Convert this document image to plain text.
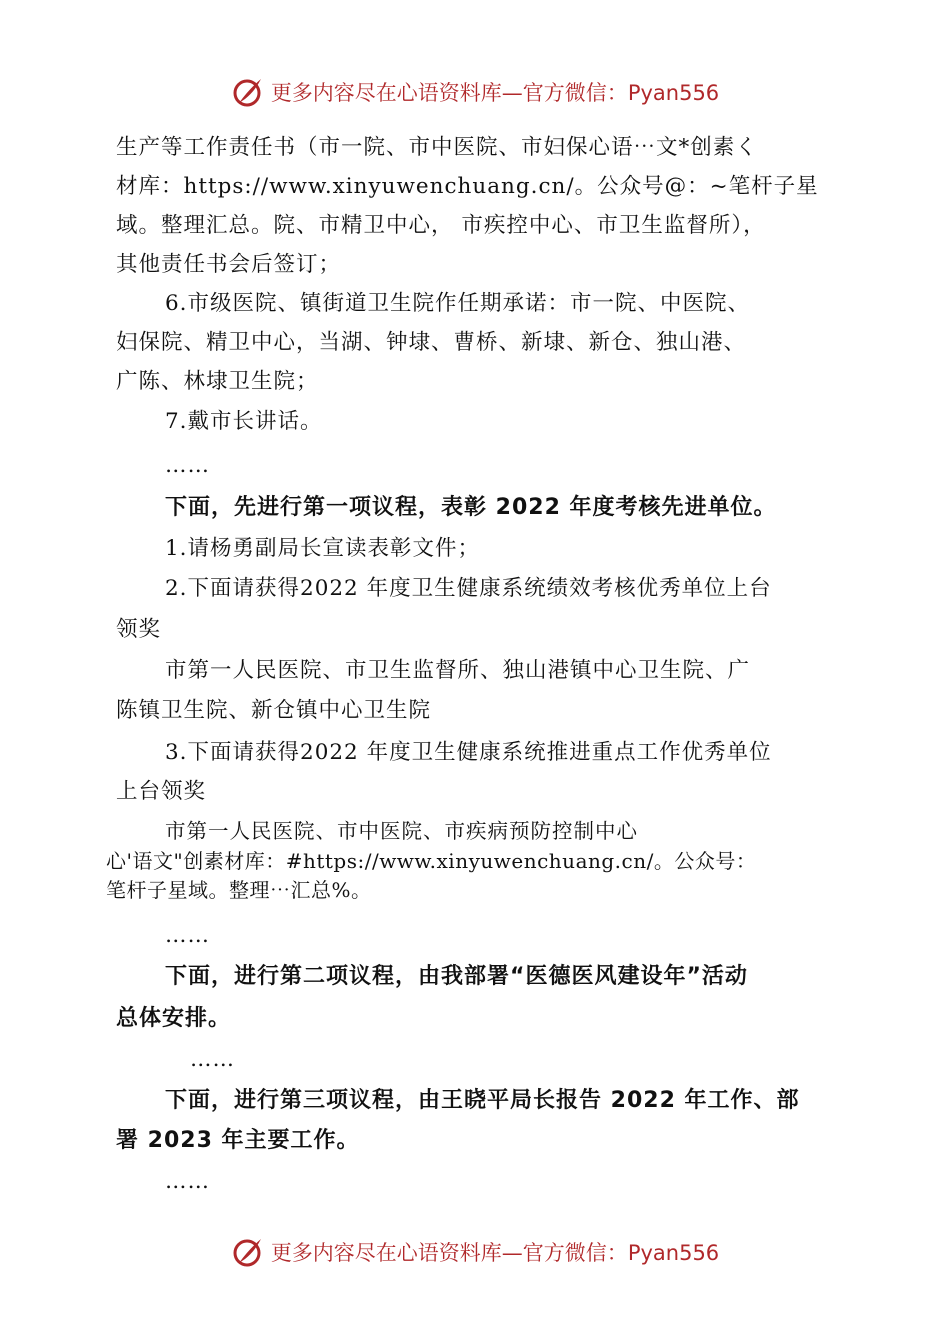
更多内容尽在心语资料库—官方微信：Pyan556

生产等工作责任书（市一院、市中医院、市妇保心语⋯文*创素く

材库：https://www.xinyuwenchuang.cn/。公众号@：~笔杆子星

域。整理汇总。院、市精卫中心， 市疾控中心、市卫生监督所），

其他责任书会后签订；

6.市级医院、镇街道卫生院作任期承诺：市一院、中医院、

妇保院、精卫中心，当湖、钟埭、曹桥、新埭、新仓、独山港、

广陈、林埭卫生院；

7.戴市长讲话。

……

下面，先进行第一项议程，表彰 2022 年度考核先进单位。

1.请杨勇副局长宣读表彰文件；

2.下面请获得2022 年度卫生健康系统绩效考核优秀单位上台

领奖

市第一人民医院、市卫生监督所、独山港镇中心卫生院、广

陈镇卫生院、新仓镇中心卫生院

3.下面请获得2022 年度卫生健康系统推进重点工作优秀单位

上台领奖

市第一人民医院、市中医院、市疾病预防控制中心

心'语文"创素材库：#https://www.xinyuwenchuang.cn/。公众号：

笔杆子星域。整理⋯汇总%。

……

下面，进行第二项议程，由我部署“医德医风建设年”活动

总体安排。

……

下面，进行第三项议程，由王晓平局长报告 2022 年工作、部

署 2023 年主要工作。

……

更多内容尽在心语资料库—官方微信：Pyan556
